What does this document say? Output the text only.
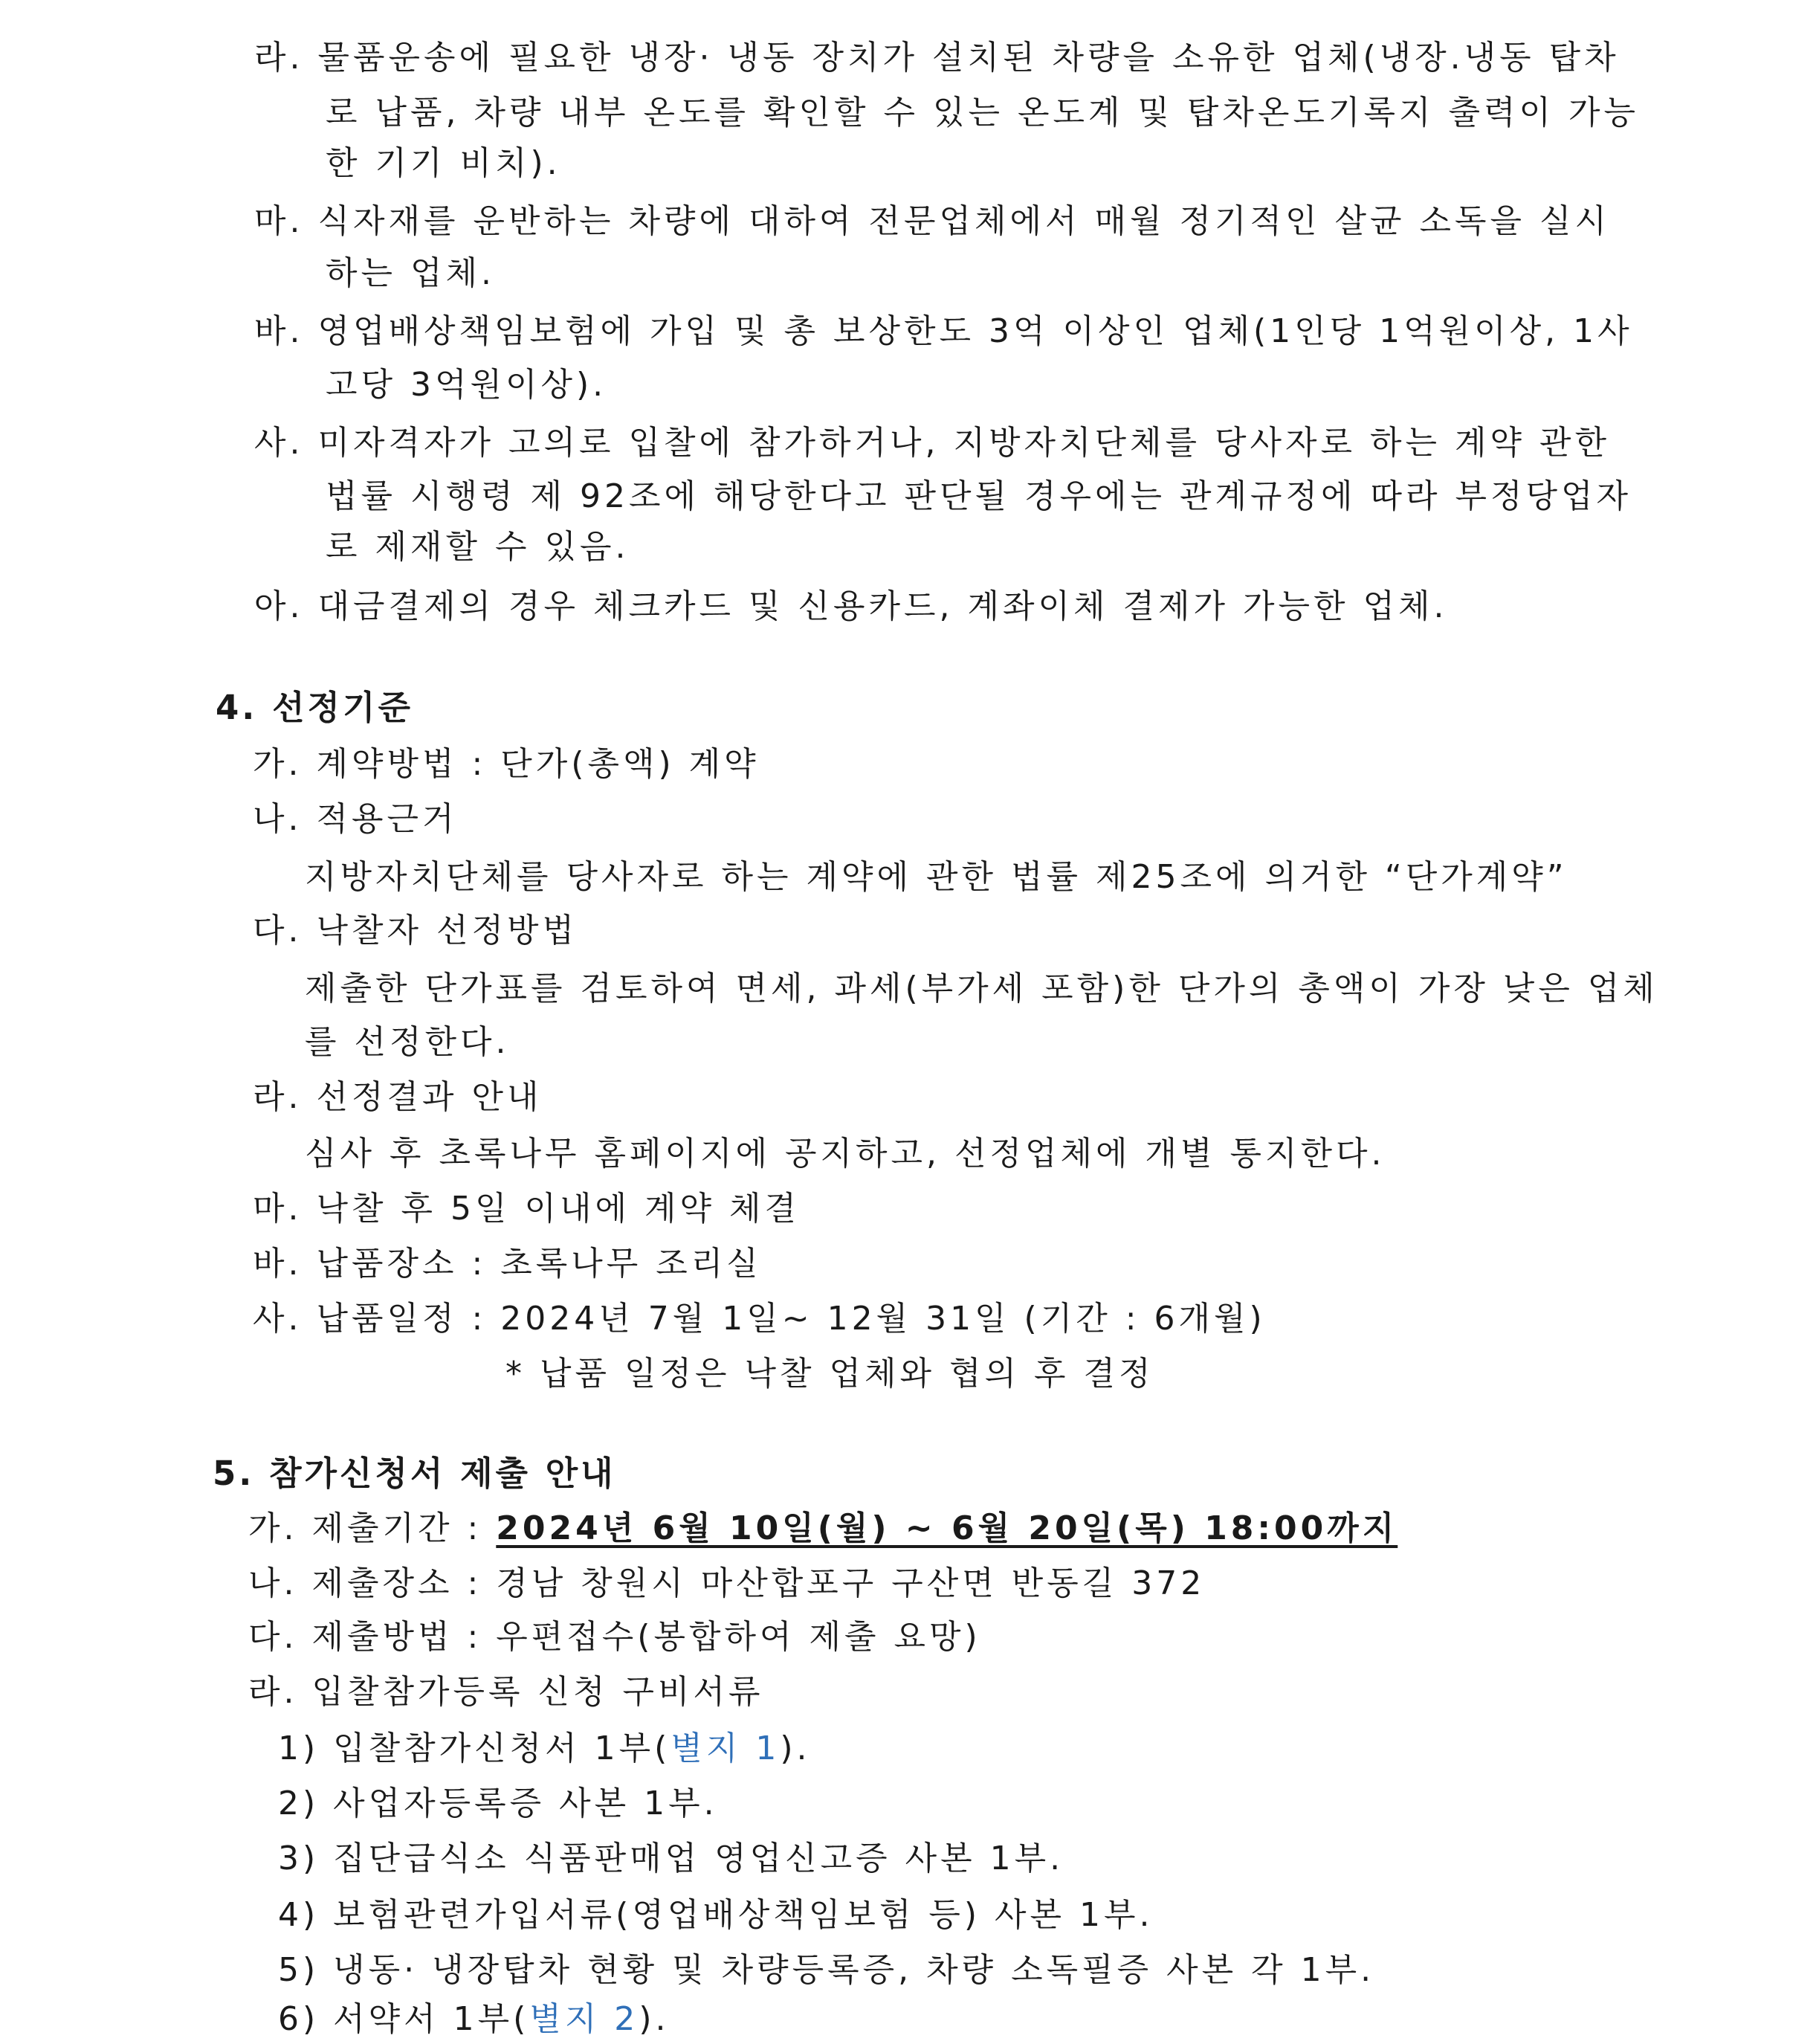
라. 물품운송에 필요한 냉장· 냉동 장치가 설치된 차량을 소유한 업체(냉장.냉동 탑차
로 납품, 차량 내부 온도를 확인할 수 있는 온도계 및 탑차온도기록지 출력이 가능
한 기기 비치).
마. 식자재를 운반하는 차량에 대하여 전문업체에서 매월 정기적인 살균 소독을 실시
하는 업체.
바. 영업배상책임보험에 가입 및 총 보상한도 3억 이상인 업체(1인당 1억원이상, 1사
고당 3억원이상).
사. 미자격자가 고의로 입찰에 참가하거나, 지방자치단체를 당사자로 하는 계약 관한
법률 시행령 제 92조에 해당한다고 판단될 경우에는 관계규정에 따라 부정당업자
로 제재할 수 있음.
아. 대금결제의 경우 체크카드 및 신용카드, 계좌이체 결제가 가능한 업체.
4. 선정기준
가. 계약방법 : 단가(총액) 계약
나. 적용근거
지방자치단체를 당사자로 하는 계약에 관한 법률 제25조에 의거한 “단가계약”
다. 낙찰자 선정방법
제출한 단가표를 검토하여 면세, 과세(부가세 포함)한 단가의 총액이 가장 낮은 업체
를 선정한다.
라. 선정결과 안내
심사 후 초록나무 홈페이지에 공지하고, 선정업체에 개별 통지한다.
마. 낙찰 후 5일 이내에 계약 체결
바. 납품장소 : 초록나무 조리실
사. 납품일정 : 2024년 7월 1일~ 12월 31일 (기간 : 6개월)
* 납품 일정은 낙찰 업체와 협의 후 결정
5. 참가신청서 제출 안내
가. 제출기간 : 2024년 6월 10일(월) ~ 6월 20일(목) 18:00까지
나. 제출장소 : 경남 창원시 마산합포구 구산면 반동길 372
다. 제출방법 : 우편접수(봉합하여 제출 요망)
라. 입찰참가등록 신청 구비서류
1) 입찰참가신청서 1부(별지 1).
2) 사업자등록증 사본 1부.
3) 집단급식소 식품판매업 영업신고증 사본 1부.
4) 보험관련가입서류(영업배상책임보험 등) 사본 1부.
5) 냉동· 냉장탑차 현황 및 차량등록증, 차량 소독필증 사본 각 1부.
6) 서약서 1부(별지 2).
